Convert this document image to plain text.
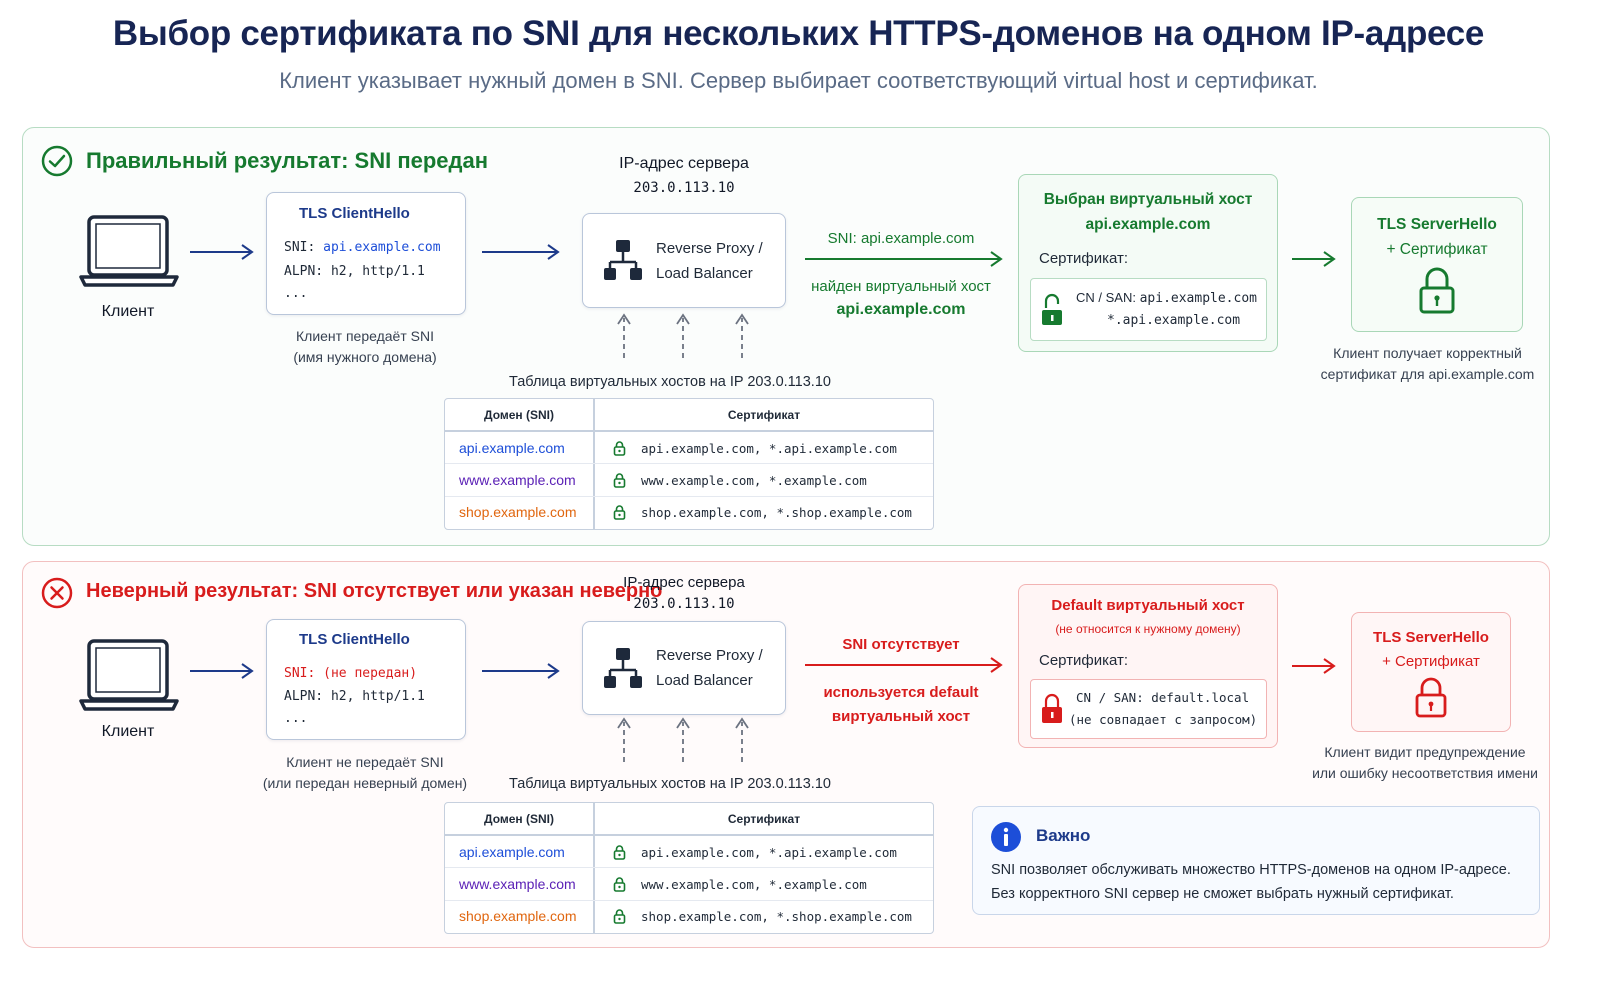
Выбор сертификата по SNI для нескольких HTTPS-доменов на одном IP-адресе
Клиент указывает нужный домен в SNI. Сервер выбирает соответствующий virtual host и сертификат.
Правильный результат: SNI передан
Клиент
TLS ClientHello
SNI: api.example.com
ALPN: h2, http/1.1
...
Клиент передаёт SNI
(имя нужного домена)
IP-адрес сервера
203.0.113.10
Reverse Proxy /
Load Balancer
Таблица виртуальных хостов на IP 203.0.113.10
Домен (SNI)	Сертификат
api.example.com	api.example.com, *.api.example.com
www.example.com	www.example.com, *.example.com
shop.example.com	shop.example.com, *.shop.example.com
SNI: api.example.com
найден виртуальный хост
api.example.com
Выбран виртуальный хост
api.example.com
Сертификат:
CN / SAN: api.example.com
*.api.example.com
TLS ServerHello
+ Сертификат
Клиент получает корректный
сертификат для api.example.com
Неверный результат: SNI отсутствует или указан неверно
Клиент
TLS ClientHello
SNI: (не передан)
ALPN: h2, http/1.1
...
Клиент не передаёт SNI
(или передан неверный домен)
IP-адрес сервера
203.0.113.10
Reverse Proxy /
Load Balancer
Таблица виртуальных хостов на IP 203.0.113.10
Домен (SNI)	Сертификат
api.example.com	api.example.com, *.api.example.com
www.example.com	www.example.com, *.example.com
shop.example.com	shop.example.com, *.shop.example.com
SNI отсутствует
используется default
виртуальный хост
Default виртуальный хост
(не относится к нужному домену)
Сертификат:
CN / SAN: default.local
(не совпадает с запросом)
TLS ServerHello
+ Сертификат
Клиент видит предупреждение
или ошибку несоответствия имени
Важно
SNI позволяет обслуживать множество HTTPS-доменов на одном IP-адресе.
Без корректного SNI сервер не сможет выбрать нужный сертификат.
